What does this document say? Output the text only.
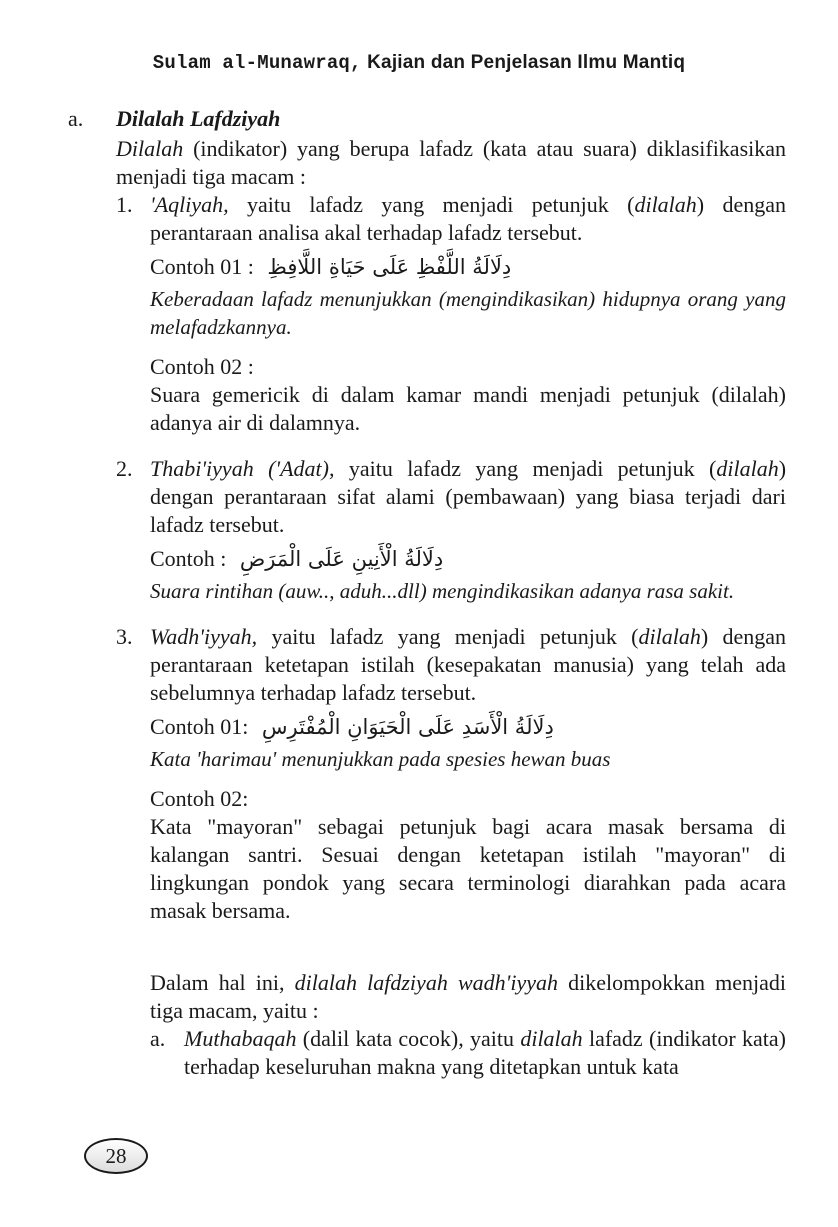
Sulam al-Munawraq, Kajian dan Penjelasan Ilmu Mantiq
a.	Dilalah Lafdziyah
Dilalah (indikator) yang berupa lafadz (kata atau suara) diklasifikasikan menjadi tiga macam :
1. 'Aqliyah, yaitu lafadz yang menjadi petunjuk (dilalah) dengan perantaraan analisa akal terhadap lafadz tersebut.
Contoh 01 : دِلَالَةُ اللَّفْظِ عَلَى حَيَاةِ اللَّافِظِ
Keberadaan lafadz menunjukkan (mengindikasikan) hidupnya orang yang melafadzkannya.
Contoh 02 :
Suara gemericik di dalam kamar mandi menjadi petunjuk (dilalah) adanya air di dalamnya.
2. Thabi'iyyah ('Adat), yaitu lafadz yang menjadi petunjuk (dilalah) dengan perantaraan sifat alami (pembawaan) yang biasa terjadi dari lafadz tersebut.
Contoh : دِلَالَةُ الْأَنِينِ عَلَى الْمَرَضِ
Suara rintihan (auw.., aduh...dll) mengindikasikan adanya rasa sakit.
3. Wadh'iyyah, yaitu lafadz yang menjadi petunjuk (dilalah) dengan perantaraan ketetapan istilah (kesepakatan manusia) yang telah ada sebelumnya terhadap lafadz tersebut.
Contoh 01: دِلَالَةُ الْأَسَدِ عَلَى الْحَيَوَانِ الْمُفْتَرِسِ
Kata 'harimau' menunjukkan pada spesies hewan buas
Contoh 02:
Kata "mayoran" sebagai petunjuk bagi acara masak bersama di kalangan santri. Sesuai dengan ketetapan istilah "mayoran" di lingkungan pondok yang secara terminologi diarahkan pada acara masak bersama.
Dalam hal ini, dilalah lafdziyah wadh'iyyah dikelompokkan menjadi tiga macam, yaitu :
a. Muthabaqah (dalil kata cocok), yaitu dilalah lafadz (indikator kata) terhadap keseluruhan makna yang ditetapkan untuk kata
28
